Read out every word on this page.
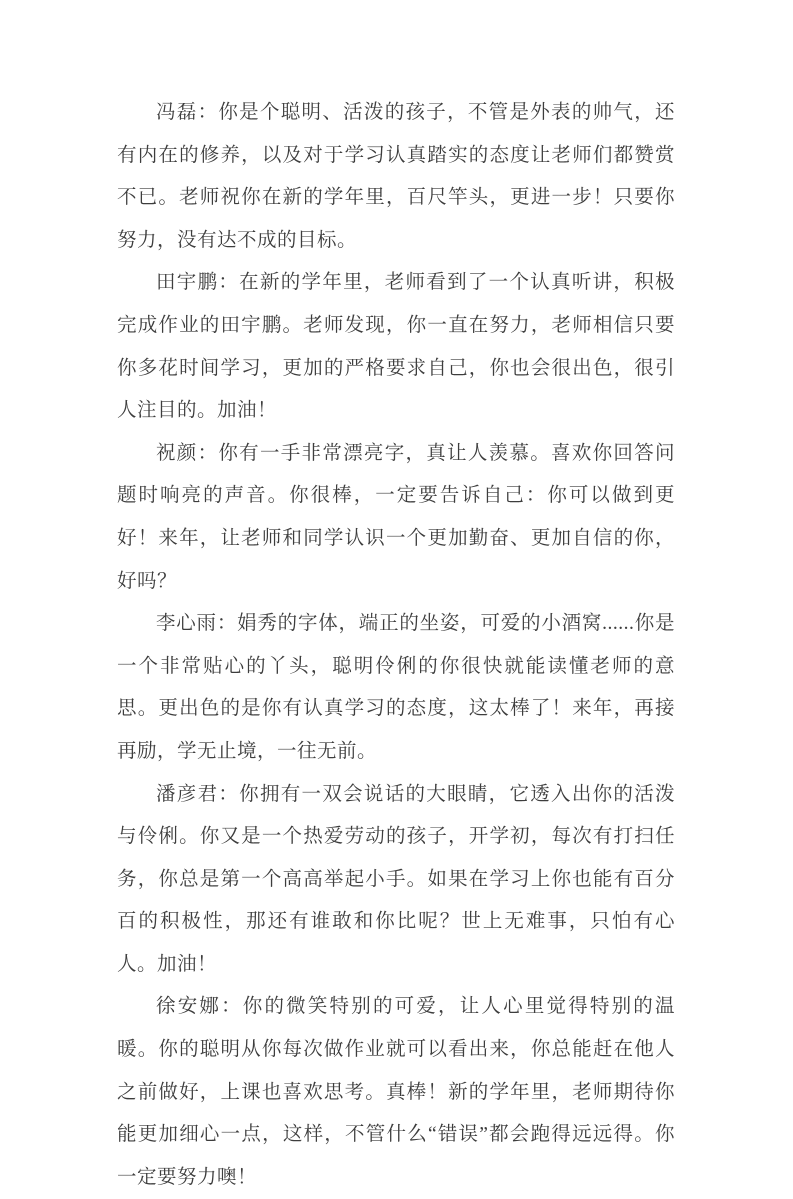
冯磊：你是个聪明、活泼的孩子，不管是外表的帅气，还有内在的修养，以及对于学习认真踏实的态度让老师们都赞赏不已。老师祝你在新的学年里，百尺竿头，更进一步！只要你努力，没有达不成的目标。

田宇鹏：在新的学年里，老师看到了一个认真听讲，积极完成作业的田宇鹏。老师发现，你一直在努力，老师相信只要你多花时间学习，更加的严格要求自己，你也会很出色，很引人注目的。加油！

祝颜：你有一手非常漂亮字，真让人羡慕。喜欢你回答问题时响亮的声音。你很棒，一定要告诉自己：你可以做到更好！来年，让老师和同学认识一个更加勤奋、更加自信的你，好吗？

李心雨：娟秀的字体，端正的坐姿，可爱的小酒窝......你是一个非常贴心的丫头，聪明伶俐的你很快就能读懂老师的意思。更出色的是你有认真学习的态度，这太棒了！来年，再接再励，学无止境，一往无前。

潘彦君：你拥有一双会说话的大眼睛，它透入出你的活泼与伶俐。你又是一个热爱劳动的孩子，开学初，每次有打扫任务，你总是第一个高高举起小手。如果在学习上你也能有百分百的积极性，那还有谁敢和你比呢？世上无难事，只怕有心人。加油！

徐安娜：你的微笑特别的可爱，让人心里觉得特别的温暖。你的聪明从你每次做作业就可以看出来，你总能赶在他人之前做好，上课也喜欢思考。真棒！新的学年里，老师期待你能更加细心一点，这样，不管什么“错误”都会跑得远远得。你一定要努力噢！
